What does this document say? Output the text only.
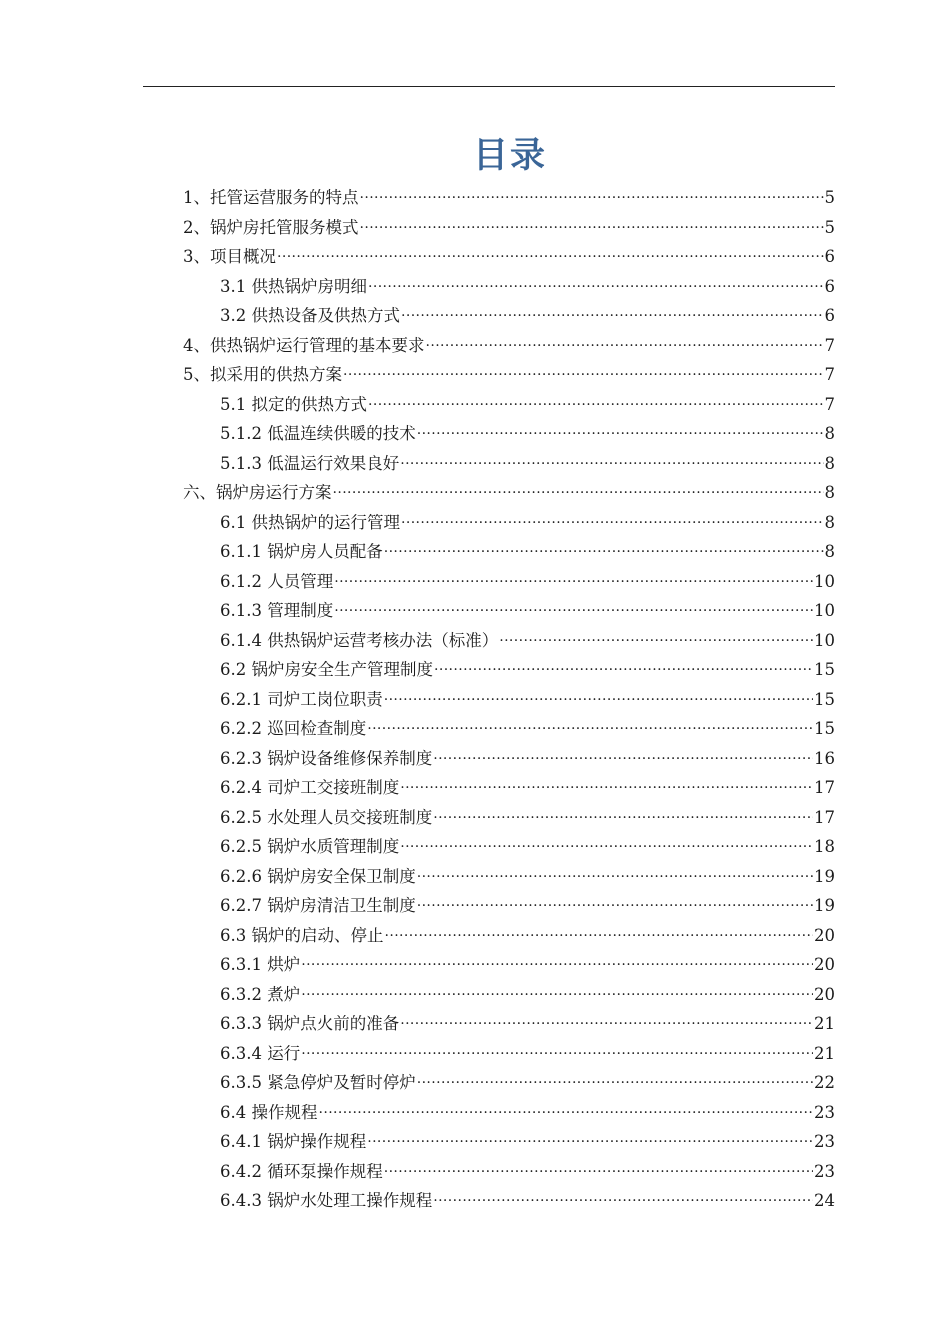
目录
1、托管运营服务的特点 .....	5
2、锅炉房托管服务模式 .....	5
3、项目概况 .....	6
3.1 供热锅炉房明细 .....	6
3.2 供热设备及供热方式 .....	6
4、供热锅炉运行管理的基本要求 .....	7
5、拟采用的供热方案 .....	7
5.1 拟定的供热方式 .....	7
5.1.2 低温连续供暖的技术 .....	8
5.1.3 低温运行效果良好 .....	8
六、锅炉房运行方案 .....	8
6.1 供热锅炉的运行管理 .....	8
6.1.1 锅炉房人员配备 .....	8
6.1.2 人员管理 .....	10
6.1.3 管理制度 .....	10
6.1.4 供热锅炉运营考核办法（标准） .....	10
6.2 锅炉房安全生产管理制度 .....	15
6.2.1 司炉工岗位职责 .....	15
6.2.2 巡回检查制度 .....	15
6.2.3 锅炉设备维修保养制度 .....	16
6.2.4 司炉工交接班制度 .....	17
6.2.5 水处理人员交接班制度 .....	17
6.2.5 锅炉水质管理制度 .....	18
6.2.6 锅炉房安全保卫制度 .....	19
6.2.7 锅炉房清洁卫生制度 .....	19
6.3 锅炉的启动、停止 .....	20
6.3.1 烘炉 .....	20
6.3.2 煮炉 .....	20
6.3.3 锅炉点火前的准备 .....	21
6.3.4 运行 .....	21
6.3.5 紧急停炉及暂时停炉 .....	22
6.4 操作规程 .....	23
6.4.1 锅炉操作规程 .....	23
6.4.2 循环泵操作规程 .....	23
6.4.3 锅炉水处理工操作规程 .....	24
